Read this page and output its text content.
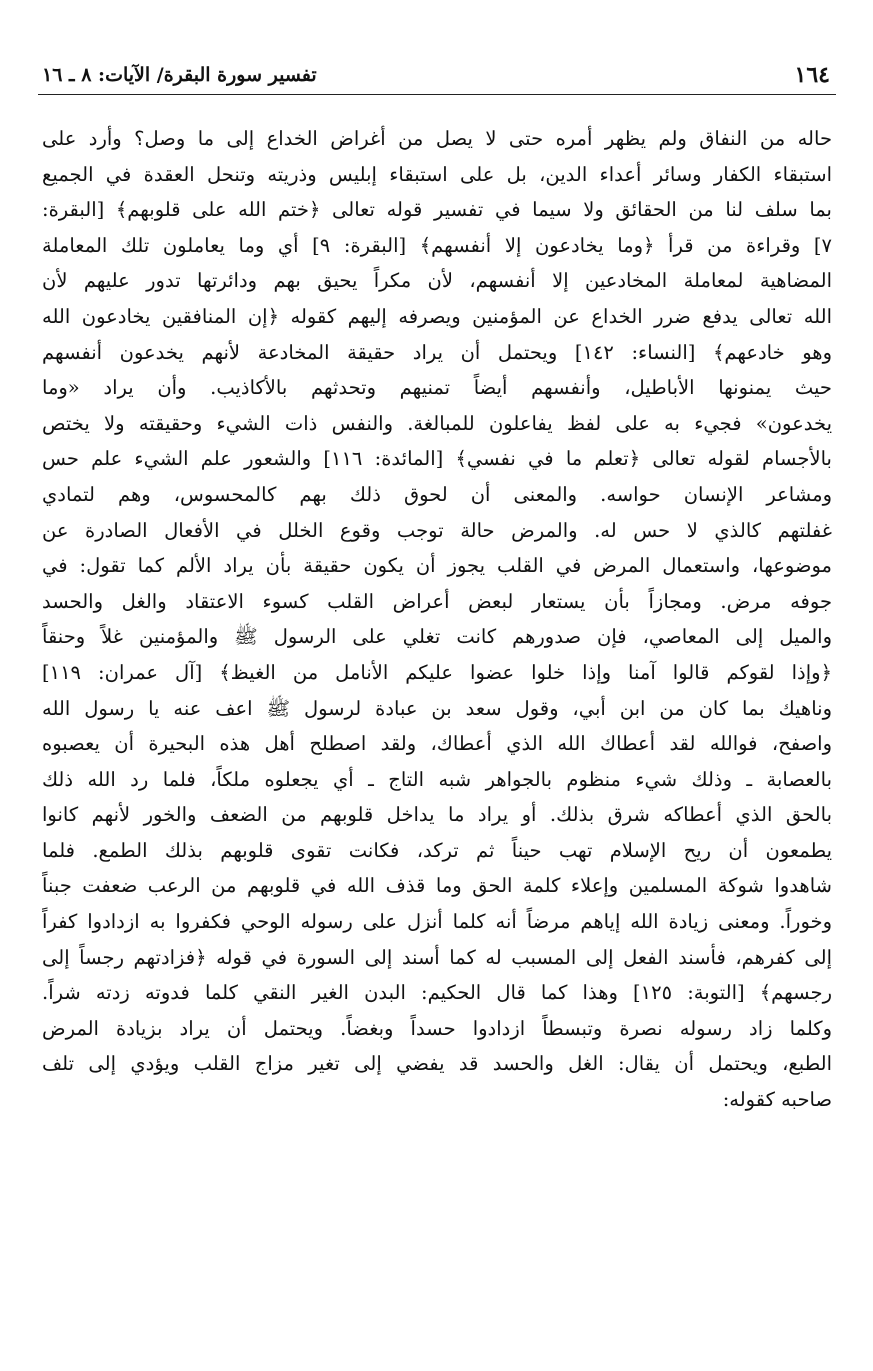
١٦٤
تفسير سورة البقرة/ الآيات: ٨ ـ ١٦
حاله من النفاق ولم يظهر أمره حتى لا يصل من أغراض الخداع إلى ما وصل؟ وأرد على
استبقاء الكفار وسائر أعداء الدين، بل على استبقاء إبليس وذريته وتنحل العقدة في الجميع
بما سلف لنا من الحقائق ولا سيما في تفسير قوله تعالى ﴿ختم الله على قلوبهم﴾ [البقرة:
٧] وقراءة من قرأ ﴿وما يخادعون إلا أنفسهم﴾ [البقرة: ٩] أي وما يعاملون تلك المعاملة
المضاهية لمعاملة المخادعين إلا أنفسهم، لأن مكراً يحيق بهم ودائرتها تدور عليهم لأن
الله تعالى يدفع ضرر الخداع عن المؤمنين ويصرفه إليهم كقوله ﴿إن المنافقين يخادعون الله
وهو خادعهم﴾ [النساء: ١٤٢] ويحتمل أن يراد حقيقة المخادعة لأنهم يخدعون أنفسهم
حيث يمنونها الأباطيل، وأنفسهم أيضاً تمنيهم وتحدثهم بالأكاذيب. وأن يراد «وما
يخدعون» فجيء به على لفظ يفاعلون للمبالغة. والنفس ذات الشيء وحقيقته ولا يختص
بالأجسام لقوله تعالى ﴿تعلم ما في نفسي﴾ [المائدة: ١١٦] والشعور علم الشيء علم حس
ومشاعر الإنسان حواسه. والمعنى أن لحوق ذلك بهم كالمحسوس، وهم لتمادي
غفلتهم كالذي لا حس له. والمرض حالة توجب وقوع الخلل في الأفعال الصادرة عن
موضوعها، واستعمال المرض في القلب يجوز أن يكون حقيقة بأن يراد الألم كما تقول: في
جوفه مرض. ومجازاً بأن يستعار لبعض أعراض القلب كسوء الاعتقاد والغل والحسد
والميل إلى المعاصي، فإن صدورهم كانت تغلي على الرسول ﷺ والمؤمنين غلاً وحنقاً
﴿وإذا لقوكم قالوا آمنا وإذا خلوا عضوا عليكم الأنامل من الغيظ﴾ [آل عمران: ١١٩]
وناهيك بما كان من ابن أبي، وقول سعد بن عبادة لرسول ﷺ اعف عنه يا رسول الله
واصفح، فوالله لقد أعطاك الله الذي أعطاك، ولقد اصطلح أهل هذه البحيرة أن يعصبوه
بالعصابة ـ وذلك شيء منظوم بالجواهر شبه التاج ـ أي يجعلوه ملكاً، فلما رد الله ذلك
بالحق الذي أعطاكه شرق بذلك. أو يراد ما يداخل قلوبهم من الضعف والخور لأنهم كانوا
يطمعون أن ريح الإسلام تهب حيناً ثم تركد، فكانت تقوى قلوبهم بذلك الطمع. فلما
شاهدوا شوكة المسلمين وإعلاء كلمة الحق وما قذف الله في قلوبهم من الرعب ضعفت جبناً
وخوراً. ومعنى زيادة الله إياهم مرضاً أنه كلما أنزل على رسوله الوحي فكفروا به ازدادوا كفراً
إلى كفرهم، فأسند الفعل إلى المسبب له كما أسند إلى السورة في قوله ﴿فزادتهم رجساً إلى
رجسهم﴾ [التوبة: ١٢٥] وهذا كما قال الحكيم: البدن الغير النقي كلما فدوته زدته شراً.
وكلما زاد رسوله نصرة وتبسطاً ازدادوا حسداً وبغضاً. ويحتمل أن يراد بزيادة المرض
الطبع، ويحتمل أن يقال: الغل والحسد قد يفضي إلى تغير مزاج القلب ويؤدي إلى تلف
صاحبه كقوله:
